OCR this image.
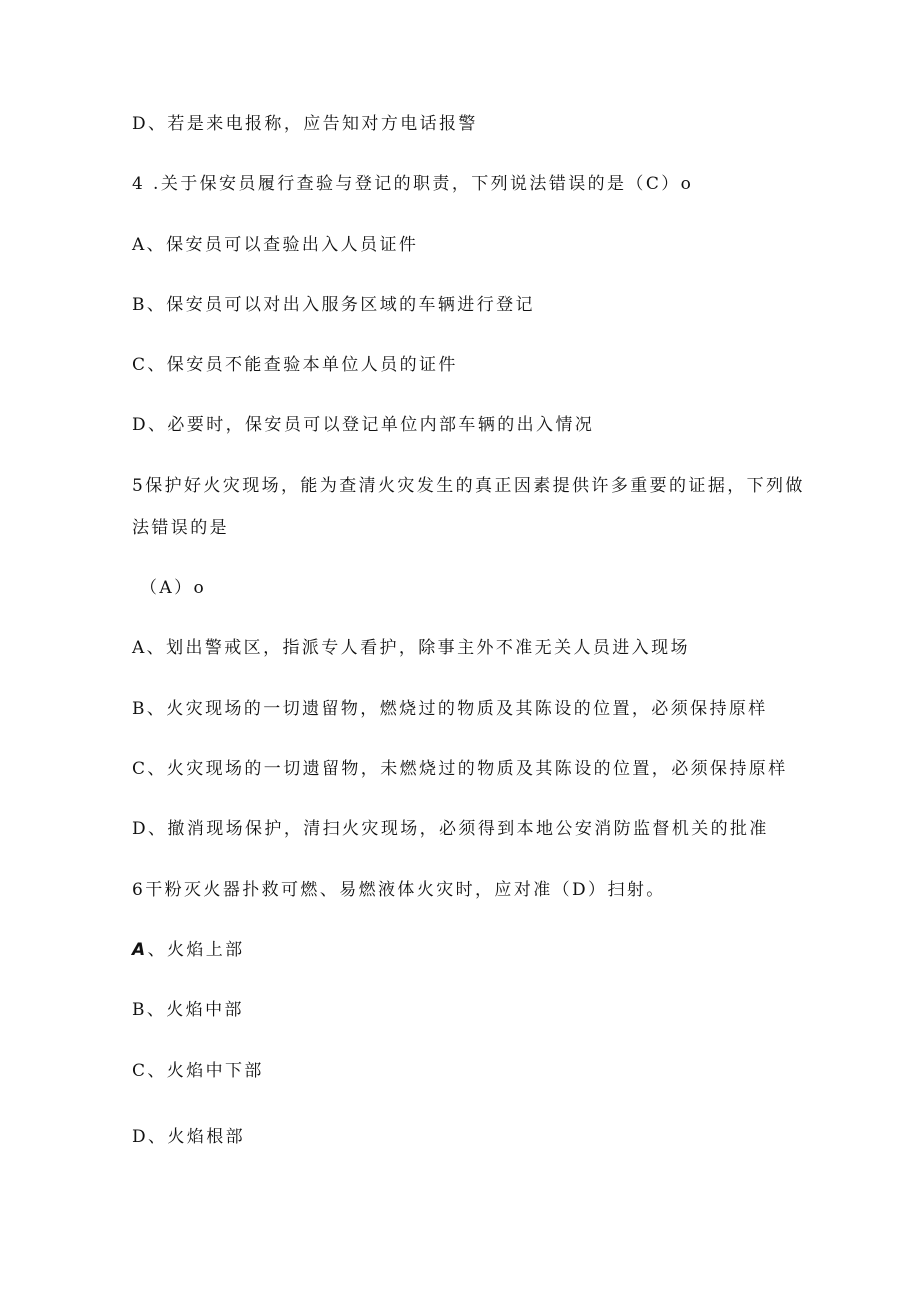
D、若是来电报称，应告知对方电话报警
4 .关于保安员履行查验与登记的职责，下列说法错误的是（C）o
A、保安员可以查验出入人员证件
B、保安员可以对出入服务区域的车辆进行登记
C、保安员不能查验本单位人员的证件
D、必要时，保安员可以登记单位内部车辆的出入情况
5保护好火灾现场，能为查清火灾发生的真正因素提供许多重要的证据，下列做
法错误的是
（A）o
A、划出警戒区，指派专人看护，除事主外不准无关人员进入现场
B、火灾现场的一切遗留物，燃烧过的物质及其陈设的位置，必须保持原样
C、火灾现场的一切遗留物，未燃烧过的物质及其陈设的位置，必须保持原样
D、撤消现场保护，清扫火灾现场，必须得到本地公安消防监督机关的批准
6干粉灭火器扑救可燃、易燃液体火灾时，应对准（D）扫射。
A、火焰上部
B、火焰中部
C、火焰中下部
D、火焰根部
